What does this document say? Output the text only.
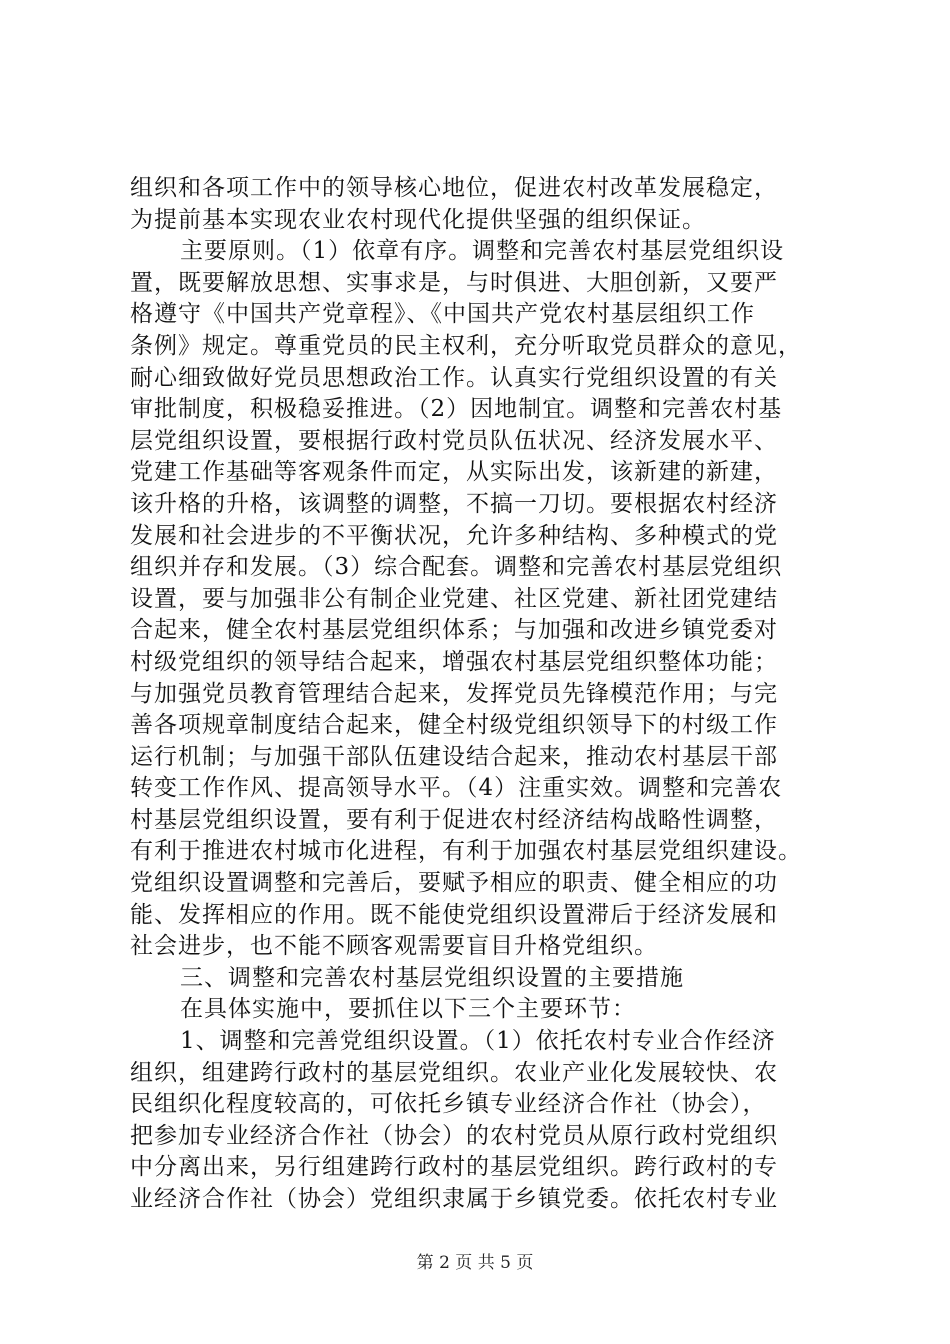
组织和各项工作中的领导核心地位，促进农村改革发展稳定，
为提前基本实现农业农村现代化提供坚强的组织保证。
主要原则。（1）依章有序。调整和完善农村基层党组织设
置，既要解放思想、实事求是，与时俱进、大胆创新，又要严
格遵守《中国共产党章程》、《中国共产党农村基层组织工作
条例》规定。尊重党员的民主权利，充分听取党员群众的意见，
耐心细致做好党员思想政治工作。认真实行党组织设置的有关
审批制度，积极稳妥推进。（2）因地制宜。调整和完善农村基
层党组织设置，要根据行政村党员队伍状况、经济发展水平、
党建工作基础等客观条件而定，从实际出发，该新建的新建，
该升格的升格，该调整的调整，不搞一刀切。要根据农村经济
发展和社会进步的不平衡状况，允许多种结构、多种模式的党
组织并存和发展。（3）综合配套。调整和完善农村基层党组织
设置，要与加强非公有制企业党建、社区党建、新社团党建结
合起来，健全农村基层党组织体系；与加强和改进乡镇党委对
村级党组织的领导结合起来，增强农村基层党组织整体功能；
与加强党员教育管理结合起来，发挥党员先锋模范作用；与完
善各项规章制度结合起来，健全村级党组织领导下的村级工作
运行机制；与加强干部队伍建设结合起来，推动农村基层干部
转变工作作风、提高领导水平。（4）注重实效。调整和完善农
村基层党组织设置，要有利于促进农村经济结构战略性调整，
有利于推进农村城市化进程，有利于加强农村基层党组织建设。
党组织设置调整和完善后，要赋予相应的职责、健全相应的功
能、发挥相应的作用。既不能使党组织设置滞后于经济发展和
社会进步，也不能不顾客观需要盲目升格党组织。
三、调整和完善农村基层党组织设置的主要措施
在具体实施中，要抓住以下三个主要环节：
1、调整和完善党组织设置。（1）依托农村专业合作经济
组织，组建跨行政村的基层党组织。农业产业化发展较快、农
民组织化程度较高的，可依托乡镇专业经济合作社（协会），
把参加专业经济合作社（协会）的农村党员从原行政村党组织
中分离出来，另行组建跨行政村的基层党组织。跨行政村的专
业经济合作社（协会）党组织隶属于乡镇党委。依托农村专业
第 2 页 共 5 页
